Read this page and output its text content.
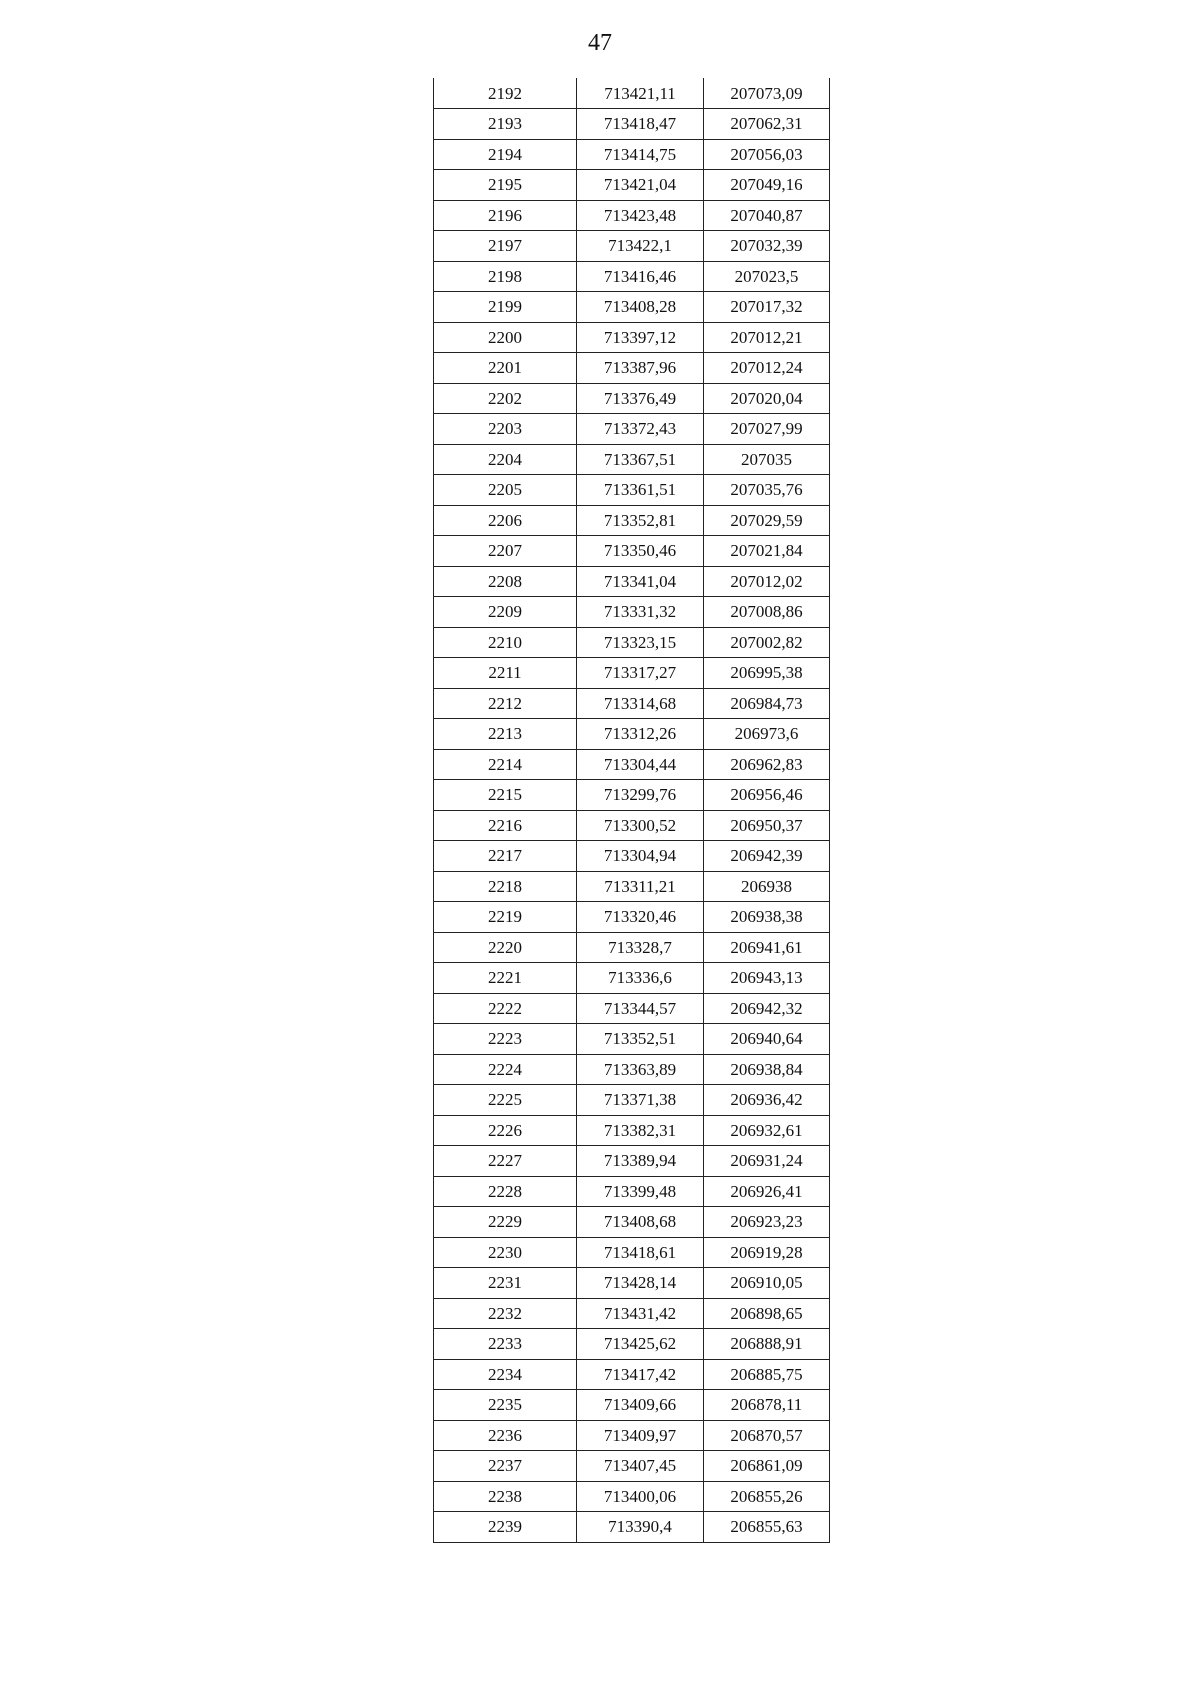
47
2192	713421,11	207073,09
2193	713418,47	207062,31
2194	713414,75	207056,03
2195	713421,04	207049,16
2196	713423,48	207040,87
2197	713422,1	207032,39
2198	713416,46	207023,5
2199	713408,28	207017,32
2200	713397,12	207012,21
2201	713387,96	207012,24
2202	713376,49	207020,04
2203	713372,43	207027,99
2204	713367,51	207035
2205	713361,51	207035,76
2206	713352,81	207029,59
2207	713350,46	207021,84
2208	713341,04	207012,02
2209	713331,32	207008,86
2210	713323,15	207002,82
2211	713317,27	206995,38
2212	713314,68	206984,73
2213	713312,26	206973,6
2214	713304,44	206962,83
2215	713299,76	206956,46
2216	713300,52	206950,37
2217	713304,94	206942,39
2218	713311,21	206938
2219	713320,46	206938,38
2220	713328,7	206941,61
2221	713336,6	206943,13
2222	713344,57	206942,32
2223	713352,51	206940,64
2224	713363,89	206938,84
2225	713371,38	206936,42
2226	713382,31	206932,61
2227	713389,94	206931,24
2228	713399,48	206926,41
2229	713408,68	206923,23
2230	713418,61	206919,28
2231	713428,14	206910,05
2232	713431,42	206898,65
2233	713425,62	206888,91
2234	713417,42	206885,75
2235	713409,66	206878,11
2236	713409,97	206870,57
2237	713407,45	206861,09
2238	713400,06	206855,26
2239	713390,4	206855,63
